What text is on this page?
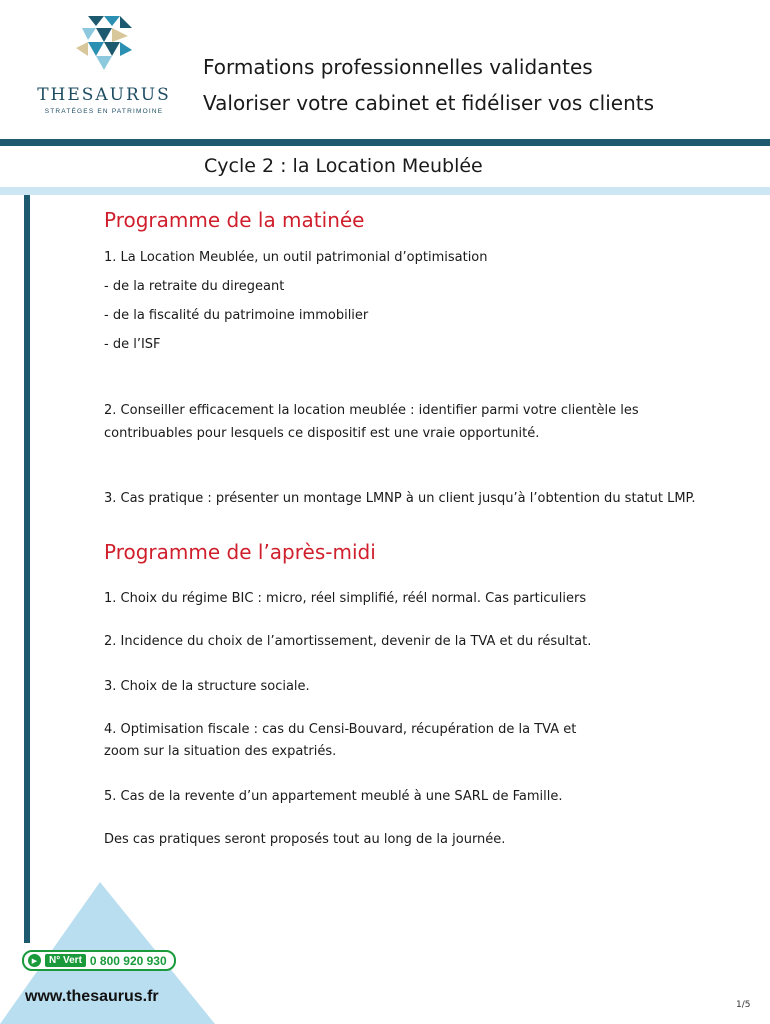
THESAURUS
STRATÉGES EN PATRIMOINE
Formations professionnelles validantes
Valoriser votre cabinet et fidéliser vos clients
Cycle 2 : la Location Meublée
Programme de la matinée
1. La Location Meublée, un outil patrimonial d’optimisation
- de la retraite du diregeant
- de la fiscalité du patrimoine immobilier
- de l’ISF
2. Conseiller efficacement la location meublée : identifier parmi votre clientèle les
contribuables pour lesquels ce dispositif est une vraie opportunité.
3. Cas pratique : présenter un montage LMNP à un client jusqu’à l’obtention du statut LMP.
Programme de l’après-midi
1. Choix du régime BIC : micro, réel simplifié, réél normal. Cas particuliers
2. Incidence du choix de l’amortissement, devenir de la TVA et du résultat.
3. Choix de la structure sociale.
4. Optimisation fiscale : cas du Censi-Bouvard, récupération de la TVA et
zoom sur la situation des expatriés.
5. Cas de la revente d’un appartement meublé à une SARL de Famille.
Des cas pratiques seront proposés tout au long de la journée.
▶	N° Vert 0 800 920 930
www.thesaurus.fr	1/5
